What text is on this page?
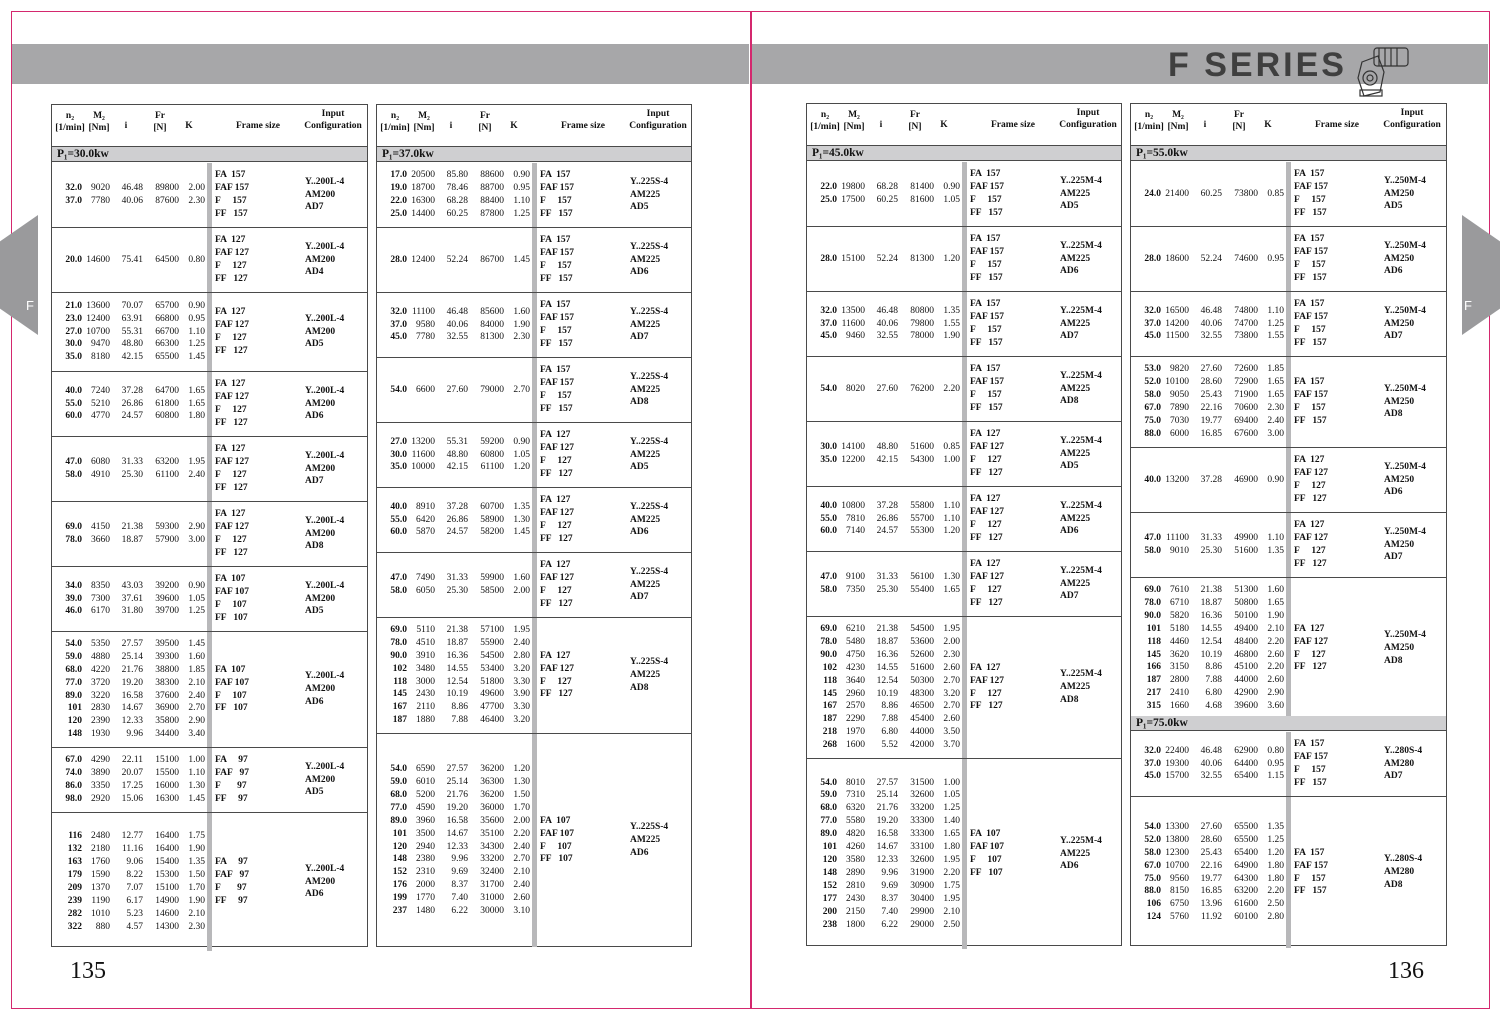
F SERIES
F	F
n₂
[1/min]
M₂
[Nm]	i
Fr
[N]	K	Frame size
Input
Configuration
P₁=30.0kw
32.0 9020	46.48	89800 2.00
37.0 7780	40.06	87600 2.30
FA  157
FAF 157
F     157
FF   157
Y..200L-4
AM200
AD7
20.0 14600	75.41	64500 0.80
FA  127
FAF 127
F     127
FF   127
Y..200L-4
AM200
AD4
21.0 13600	70.07	65700 0.90
23.0 12400	63.91	66800 0.95
27.0 10700	55.31	66700 1.10
30.0 9470	48.80	66300 1.25
35.0 8180	42.15	65500 1.45
FA  127
FAF 127
F     127
FF   127
Y..200L-4
AM200
AD5
40.0 7240	37.28	64700 1.65
55.0 5210	26.86	61800 1.65
60.0 4770	24.57	60800 1.80
FA  127
FAF 127
F     127
FF   127
Y..200L-4
AM200
AD6
47.0 6080	31.33	63200 1.95
58.0 4910	25.30	61100 2.40
FA  127
FAF 127
F     127
FF   127
Y..200L-4
AM200
AD7
69.0 4150	21.38	59300 2.90
78.0 3660	18.87	57900 3.00
FA  127
FAF 127
F     127
FF   127
Y..200L-4
AM200
AD8
34.0 8350	43.03	39200 0.90
39.0 7300	37.61	39600 1.05
46.0 6170	31.80	39700 1.25
FA  107
FAF 107
F     107
FF   107
Y..200L-4
AM200
AD5
54.0 5350	27.57	39500 1.45
59.0 4880	25.14	39300 1.60
68.0 4220	21.76	38800 1.85
77.0 3720	19.20	38300 2.10
89.0 3220	16.58	37600 2.40
101 2830	14.67	36900 2.70
120 2390	12.33	35800 2.90
148 1930	9.96	34400 3.40
FA  107
FAF 107
F     107
FF   107
Y..200L-4
AM200
AD6
67.0 4290	22.11	15100 1.00
74.0 3890	20.07	15500 1.10
86.0 3350	17.25	16000 1.30
98.0 2920	15.06	16300 1.45
FA     97
FAF   97
F       97
FF     97
Y..200L-4
AM200
AD5
116 2480	12.77	16400 1.75
132 2180	11.16	16400 1.90
163 1760	9.06	15400 1.35
179 1590	8.22	15300 1.50
209 1370	7.07	15100 1.70
239 1190	6.17	14900 1.90
282 1010	5.23	14600 2.10
322	880	4.57	14300 2.30
FA     97
FAF   97
F       97
FF     97
Y..200L-4
AM200
AD6
n₂
[1/min]
M₂
[Nm]	i
Fr
[N]	K	Frame size
Input
Configuration
P₁=37.0kw
17.0 20500	85.80	88600 0.90
19.0 18700	78.46	88700 0.95
22.0 16300	68.28	88400 1.10
25.0 14400	60.25	87800 1.25
FA  157
FAF 157
F     157
FF   157
Y..225S-4
AM225
AD5
28.0 12400	52.24	86700 1.45
FA  157
FAF 157
F     157
FF   157
Y..225S-4
AM225
AD6
32.0 11100	46.48	85600 1.60
37.0 9580	40.06	84000 1.90
45.0 7780	32.55	81300 2.30
FA  157
FAF 157
F     157
FF   157
Y..225S-4
AM225
AD7
54.0 6600	27.60	79000 2.70
FA  157
FAF 157
F     157
FF   157
Y..225S-4
AM225
AD8
27.0 13200	55.31	59200 0.90
30.0 11600	48.80	60800 1.05
35.0 10000	42.15	61100 1.20
FA  127
FAF 127
F     127
FF   127
Y..225S-4
AM225
AD5
40.0 8910	37.28	60700 1.35
55.0 6420	26.86	58900 1.30
60.0 5870	24.57	58200 1.45
FA  127
FAF 127
F     127
FF   127
Y..225S-4
AM225
AD6
47.0 7490	31.33	59900 1.60
58.0 6050	25.30	58500 2.00
FA  127
FAF 127
F     127
FF   127
Y..225S-4
AM225
AD7
69.0 5110	21.38	57100 1.95
78.0 4510	18.87	55900 2.40
90.0 3910	16.36	54500 2.80
102 3480	14.55	53400 3.20
118 3000	12.54	51800 3.30
145 2430	10.19	49600 3.90
167 2110	8.86	47700 3.30
187 1880	7.88	46400 3.20
FA  127
FAF 127
F     127
FF   127
Y..225S-4
AM225
AD8
54.0 6590	27.57	36200 1.20
59.0 6010	25.14	36300 1.30
68.0 5200	21.76	36200 1.50
77.0 4590	19.20	36000 1.70
89.0 3960	16.58	35600 2.00
101 3500	14.67	35100 2.20
120 2940	12.33	34300 2.40
148 2380	9.96	33200 2.70
152 2310	9.69	32400 2.10
176 2000	8.37	31700 2.40
199 1770	7.40	31000 2.60
237 1480	6.22	30000 3.10
FA  107
FAF 107
F     107
FF   107
Y..225S-4
AM225
AD6
n₂
[1/min]
M₂
[Nm]	i
Fr
[N]	K	Frame size
Input
Configuration
P₁=45.0kw
22.0 19800	68.28	81400 0.90
25.0 17500	60.25	81600 1.05
FA  157
FAF 157
F     157
FF   157
Y..225M-4
AM225
AD5
28.0 15100	52.24	81300 1.20
FA  157
FAF 157
F     157
FF   157
Y..225M-4
AM225
AD6
32.0 13500	46.48	80800 1.35
37.0 11600	40.06	79800 1.55
45.0 9460	32.55	78000 1.90
FA  157
FAF 157
F     157
FF   157
Y..225M-4
AM225
AD7
54.0 8020	27.60	76200 2.20
FA  157
FAF 157
F     157
FF   157
Y..225M-4
AM225
AD8
30.0 14100	48.80	51600 0.85
35.0 12200	42.15	54300 1.00
FA  127
FAF 127
F     127
FF   127
Y..225M-4
AM225
AD5
40.0 10800	37.28	55800 1.10
55.0 7810	26.86	55700 1.10
60.0 7140	24.57	55300 1.20
FA  127
FAF 127
F     127
FF   127
Y..225M-4
AM225
AD6
47.0 9100	31.33	56100 1.30
58.0 7350	25.30	55400 1.65
FA  127
FAF 127
F     127
FF   127
Y..225M-4
AM225
AD7
69.0 6210	21.38	54500 1.95
78.0 5480	18.87	53600 2.00
90.0 4750	16.36	52600 2.30
102 4230	14.55	51600 2.60
118 3640	12.54	50300 2.70
145 2960	10.19	48300 3.20
167 2570	8.86	46500 2.70
187 2290	7.88	45400 2.60
218 1970	6.80	44000 3.50
268 1600	5.52	42000 3.70
FA  127
FAF 127
F     127
FF   127
Y..225M-4
AM225
AD8
54.0 8010	27.57	31500 1.00
59.0 7310	25.14	32600 1.05
68.0 6320	21.76	33200 1.25
77.0 5580	19.20	33300 1.40
89.0 4820	16.58	33300 1.65
101 4260	14.67	33100 1.80
120 3580	12.33	32600 1.95
148 2890	9.96	31900 2.20
152 2810	9.69	30900 1.75
177 2430	8.37	30400 1.95
200 2150	7.40	29900 2.10
238 1800	6.22	29000 2.50
FA  107
FAF 107
F     107
FF   107
Y..225M-4
AM225
AD6
n₂
[1/min]
M₂
[Nm]	i
Fr
[N]	K	Frame size
Input
Configuration
P₁=55.0kw
24.0 21400	60.25	73800 0.85
FA  157
FAF 157
F     157
FF   157
Y..250M-4
AM250
AD5
28.0 18600	52.24	74600 0.95
FA  157
FAF 157
F     157
FF   157
Y..250M-4
AM250
AD6
32.0 16500	46.48	74800 1.10
37.0 14200	40.06	74700 1.25
45.0 11500	32.55	73800 1.55
FA  157
FAF 157
F     157
FF   157
Y..250M-4
AM250
AD7
53.0 9820	27.60	72600 1.85
52.0 10100	28.60	72900 1.65
58.0 9050	25.43	71900 1.65
67.0 7890	22.16	70600 2.30
75.0 7030	19.77	69400 2.40
88.0 6000	16.85	67600 3.00
FA  157
FAF 157
F     157
FF   157
Y..250M-4
AM250
AD8
40.0 13200	37.28	46900 0.90
FA  127
FAF 127
F     127
FF   127
Y..250M-4
AM250
AD6
47.0 11100	31.33	49900 1.10
58.0 9010	25.30	51600 1.35
FA  127
FAF 127
F     127
FF   127
Y..250M-4
AM250
AD7
69.0 7610	21.38	51300 1.60
78.0 6710	18.87	50800 1.65
90.0 5820	16.36	50100 1.90
101 5180	14.55	49400 2.10
118 4460	12.54	48400 2.20
145 3620	10.19	46800 2.60
166 3150	8.86	45100 2.20
187 2800	7.88	44000 2.60
217 2410	6.80	42900 2.90
315 1660	4.68	39600 3.60
FA  127
FAF 127
F     127
FF   127
Y..250M-4
AM250
AD8
P₁=75.0kw
32.0 22400	46.48	62900 0.80
37.0 19300	40.06	64400 0.95
45.0 15700	32.55	65400 1.15
FA  157
FAF 157
F     157
FF   157
Y..280S-4
AM280
AD7
54.0 13300	27.60	65500 1.35
52.0 13800	28.60	65500 1.25
58.0 12300	25.43	65400 1.20
67.0 10700	22.16	64900 1.80
75.0 9560	19.77	64300 1.80
88.0 8150	16.85	63200 2.20
106 6750	13.96	61600 2.50
124 5760	11.92	60100 2.80
FA  157
FAF 157
F     157
FF   157
Y..280S-4
AM280
AD8
135	136
